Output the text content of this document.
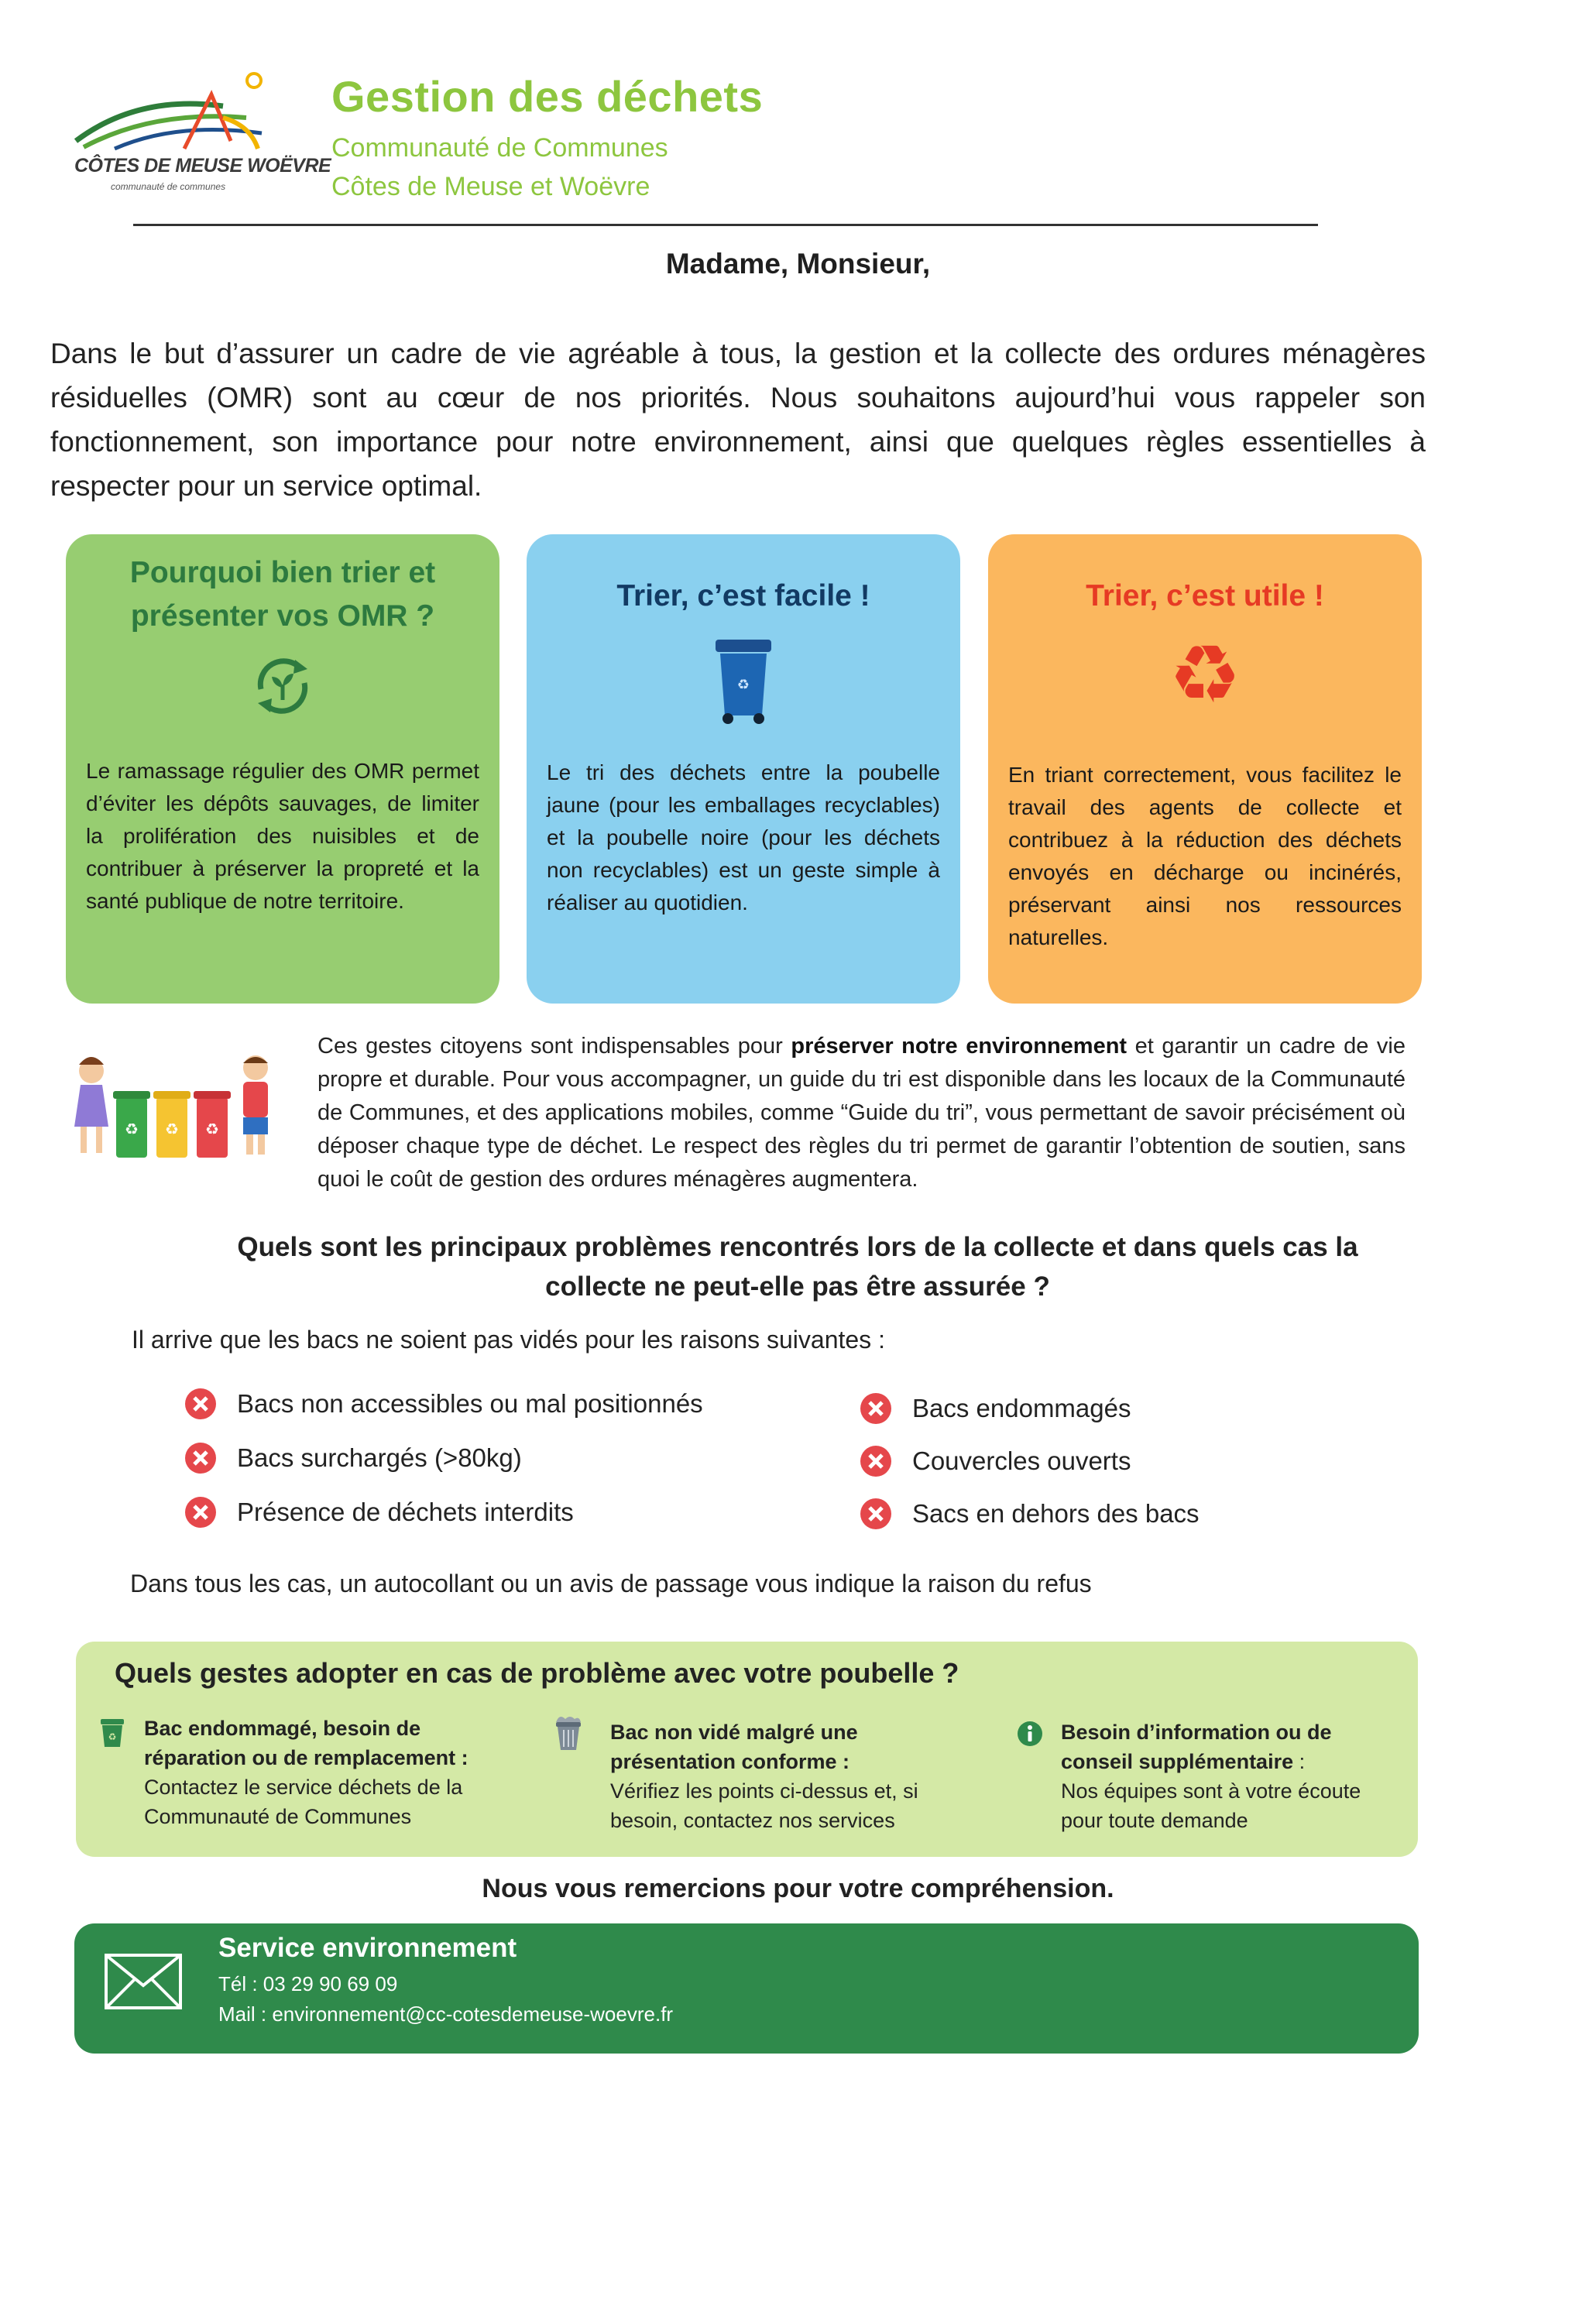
CÔTES DE MEUSE WOËVRE
communauté de communes
Gestion des déchets
Communauté de Communes
Côtes de Meuse et Woëvre
Madame, Monsieur,
Dans le but d’assurer un cadre de vie agréable à tous, la gestion et la collecte des ordures ménagères résiduelles (OMR) sont au cœur de nos priorités. Nous souhaitons aujourd’hui vous rappeler son fonctionnement, son importance pour notre environnement, ainsi que quelques règles essentielles à respecter pour un service optimal.
Pourquoi bien trier et présenter vos OMR ?
Le ramassage régulier des OMR permet d’éviter les dépôts sauvages, de limiter la prolifération des nuisibles et de contribuer à préserver la propreté et la santé publique de notre territoire.
Trier, c’est facile !
♻
Le tri des déchets entre la poubelle jaune (pour les emballages recyclables) et la poubelle noire (pour les déchets non recyclables) est un geste simple à réaliser au quotidien.
Trier, c’est utile !
♻
En triant correctement, vous facilitez le travail des agents de collecte et contribuez à la réduction des déchets envoyés en décharge ou incinérés, préservant ainsi nos ressources naturelles.
♻ ♻ ♻
Ces gestes citoyens sont indispensables pour préserver notre environnement et garantir un cadre de vie propre et durable. Pour vous accompagner, un guide du tri est disponible dans les locaux de la Communauté de Communes, et des applications mobiles, comme “Guide du tri”, vous permettant de savoir précisément où déposer chaque type de déchet. Le respect des règles du tri permet de garantir l’obtention de soutien, sans quoi le coût de gestion des ordures ménagères augmentera.
Quels sont les principaux problèmes rencontrés lors de la collecte et dans quels cas la
collecte ne peut-elle pas être assurée ?
Il arrive que les bacs ne soient pas vidés pour les raisons suivantes :
Bacs non accessibles ou mal positionnés
Bacs surchargés (>80kg)
Présence de déchets interdits
Bacs endommagés
Couvercles ouverts
Sacs en dehors des bacs
Dans tous les cas, un autocollant ou un avis de passage vous indique la raison du refus
Quels gestes adopter en cas de problème avec votre poubelle ?
♻ Bac endommagé, besoin de
réparation ou de remplacement :
Contactez le service déchets de la
Communauté de Communes
Bac non vidé malgré une
présentation conforme :
Vérifiez les points ci-dessus et, si
besoin, contactez nos services
Besoin d’information ou de
conseil supplémentaire :
Nos équipes sont à votre écoute
pour toute demande
Nous vous remercions pour votre compréhension.
Service environnement
Tél : 03 29 90 69 09
Mail : environnement@cc-cotesdemeuse-woevre.fr
